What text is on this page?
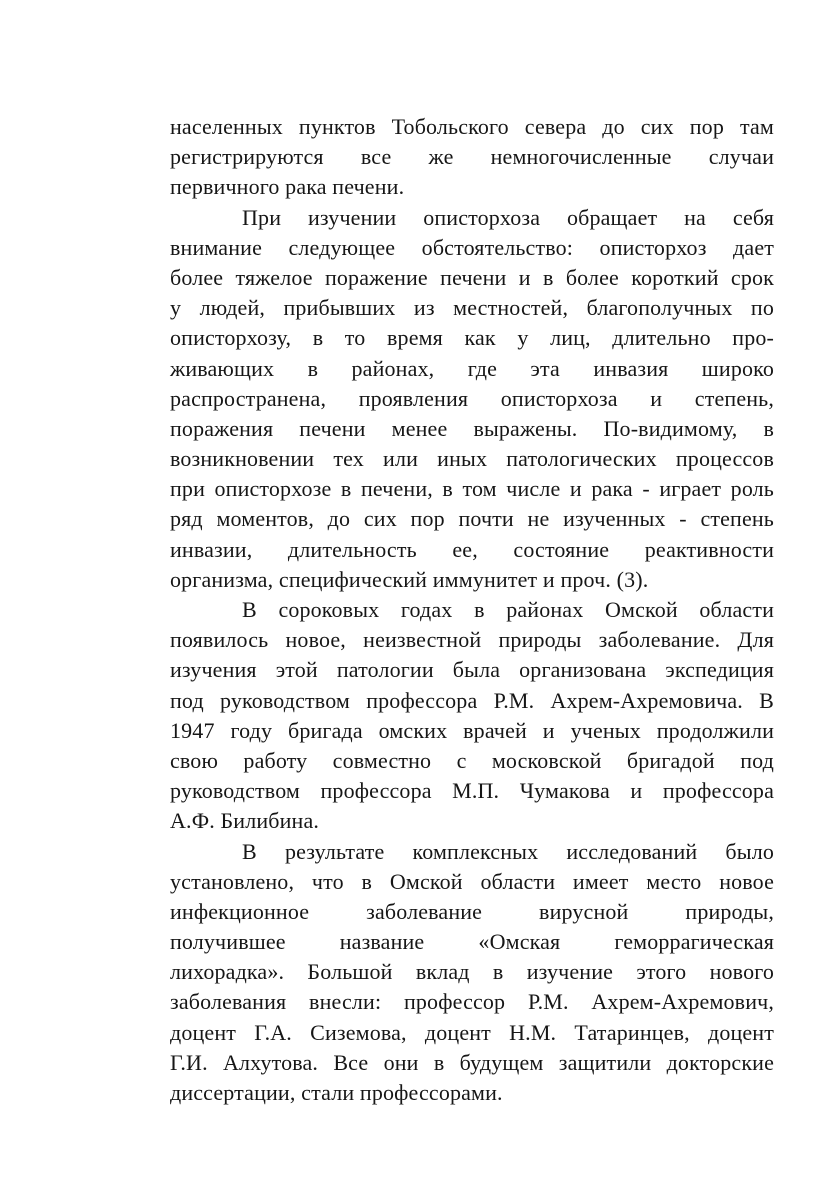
населенных пунктов Тобольского севера до сих пор там
регистрируются все же немногочисленные случаи
первичного рака печени.

При изучении описторхоза обращает на себя
внимание следующее обстоятельство: описторхоз дает
более тяжелое поражение печени и в более короткий срок
у людей, прибывших из местностей, благополучных по
описторхозу, в то время как у лиц, длительно про-
живающих в районах, где эта инвазия широко
распространена, проявления описторхоза и степень,
поражения печени менее выражены. По-видимому, в
возникновении тех или иных патологических процессов
при описторхозе в печени, в том числе и рака - играет роль
ряд моментов, до сих пор почти не изученных - степень
инвазии, длительность ее, состояние реактивности
организма, специфический иммунитет и проч. (3).

В сороковых годах в районах Омской области
появилось новое, неизвестной природы заболевание. Для
изучения этой патологии была организована экспедиция
под руководством профессора Р.М. Ахрем-Ахремовича. В
1947 году бригада омских врачей и ученых продолжили
свою работу совместно с московской бригадой под
руководством профессора М.П. Чумакова и профессора
А.Ф. Билибина.

В результате комплексных исследований было
установлено, что в Омской области имеет место новое
инфекционное заболевание вирусной природы,
получившее название «Омская геморрагическая
лихорадка». Большой вклад в изучение этого нового
заболевания внесли: профессор Р.М. Ахрем-Ахремович,
доцент Г.А. Сиземова, доцент Н.М. Татаринцев, доцент
Г.И. Алхутова. Все они в будущем защитили докторские
диссертации, стали профессорами.
